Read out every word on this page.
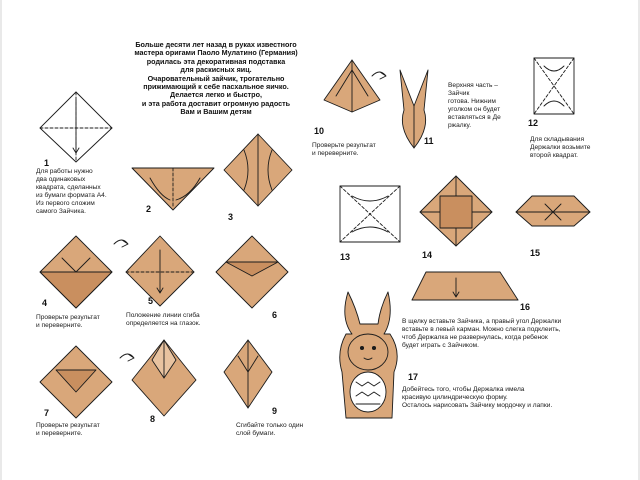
Больше десяти лет назад в руках известного
мастера оригами Паоло Мулатино (Германия)
родилась эта декоративная подставка
для раскисных яиц.
Очаровательный зайчик, трогательно
прижимающий к себе пасхальное яичко.
Делается легко и быстро,
и эта работа доставит огромную радость
Вам и Вашим детям
1
Для работы нужно
два одинаковых
квадрата, сделанных
из бумаги формата А4.
Из первого сложим
самого Зайчика.	2
3
4
Проверьте результат
и переверните.
5
Положение линии сгиба
определяется на глазок.
6
7
Проверьте результат
и переверните.
8
9
Сгибайте только один
слой бумаги.
10
Проверьте результат
и переверните.
11
Верхняя часть –
Зайчик
готова. Нижним
уголком он будет
вставляться в Де
ржалку.	12
Для складывания
Держалки возьмите
второй квадрат.
13	14	15
16
В щелку вставьте Зайчика, а правый угол Держалки
вставьте в левый карман. Можно слегка подклеить,
чтоб Держалка не развернулась, когда ребенок
будет играть с Зайчиком.
17
Добейтесь того, чтобы Держалка имела
красивую цилиндрическую форму.
Осталось нарисовать Зайчику мордочку и лапки.
